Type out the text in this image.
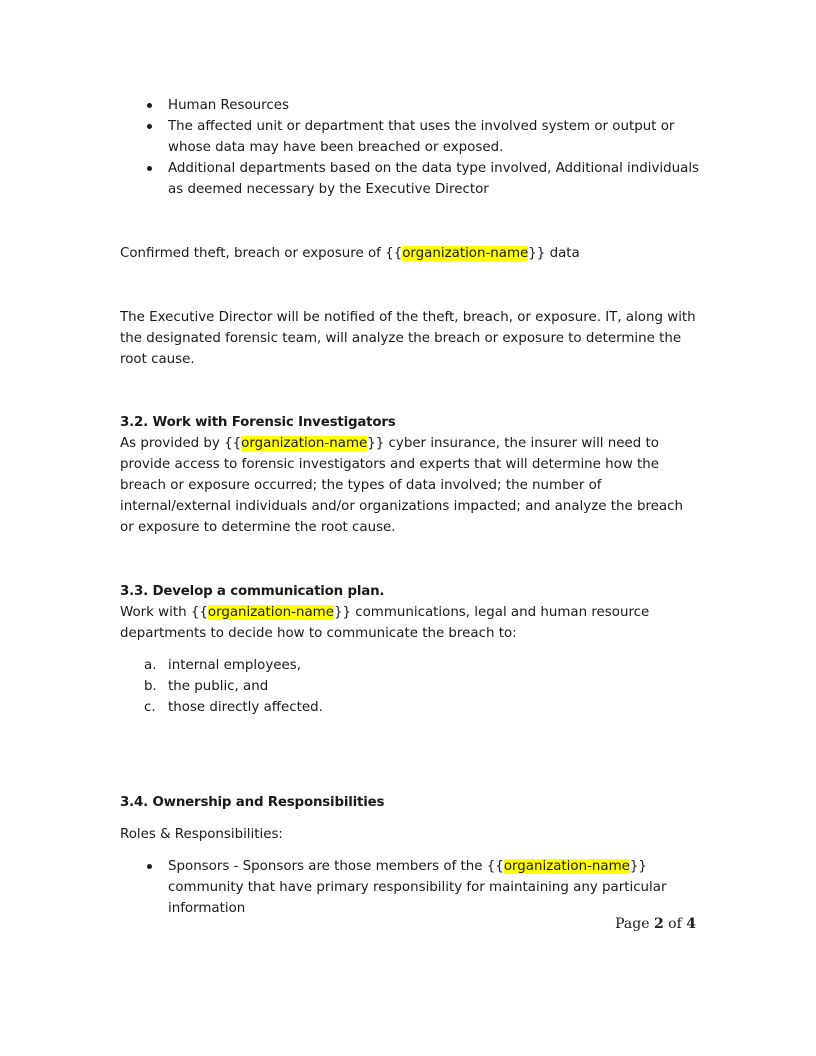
Human Resources
The affected unit or department that uses the involved system or output or whose data may have been breached or exposed.
Additional departments based on the data type involved, Additional individuals as deemed necessary by the Executive Director

Confirmed theft, breach or exposure of {{organization-name}} data

The Executive Director will be notified of the theft, breach, or exposure. IT, along with the designated forensic team, will analyze the breach or exposure to determine the root cause.

3.2. Work with Forensic Investigators

As provided by {{organization-name}} cyber insurance, the insurer will need to provide access to forensic investigators and experts that will determine how the breach or exposure occurred; the types of data involved; the number of internal/external individuals and/or organizations impacted; and analyze the breach or exposure to determine the root cause.

3.3. Develop a communication plan.

Work with {{organization-name}} communications, legal and human resource departments to decide how to communicate the breach to:

a. internal employees,
b. the public, and
c. those directly affected.

3.4. Ownership and Responsibilities

Roles & Responsibilities:

Sponsors - Sponsors are those members of the {{organization-name}} community that have primary responsibility for maintaining any particular information
Page 2 of 4
